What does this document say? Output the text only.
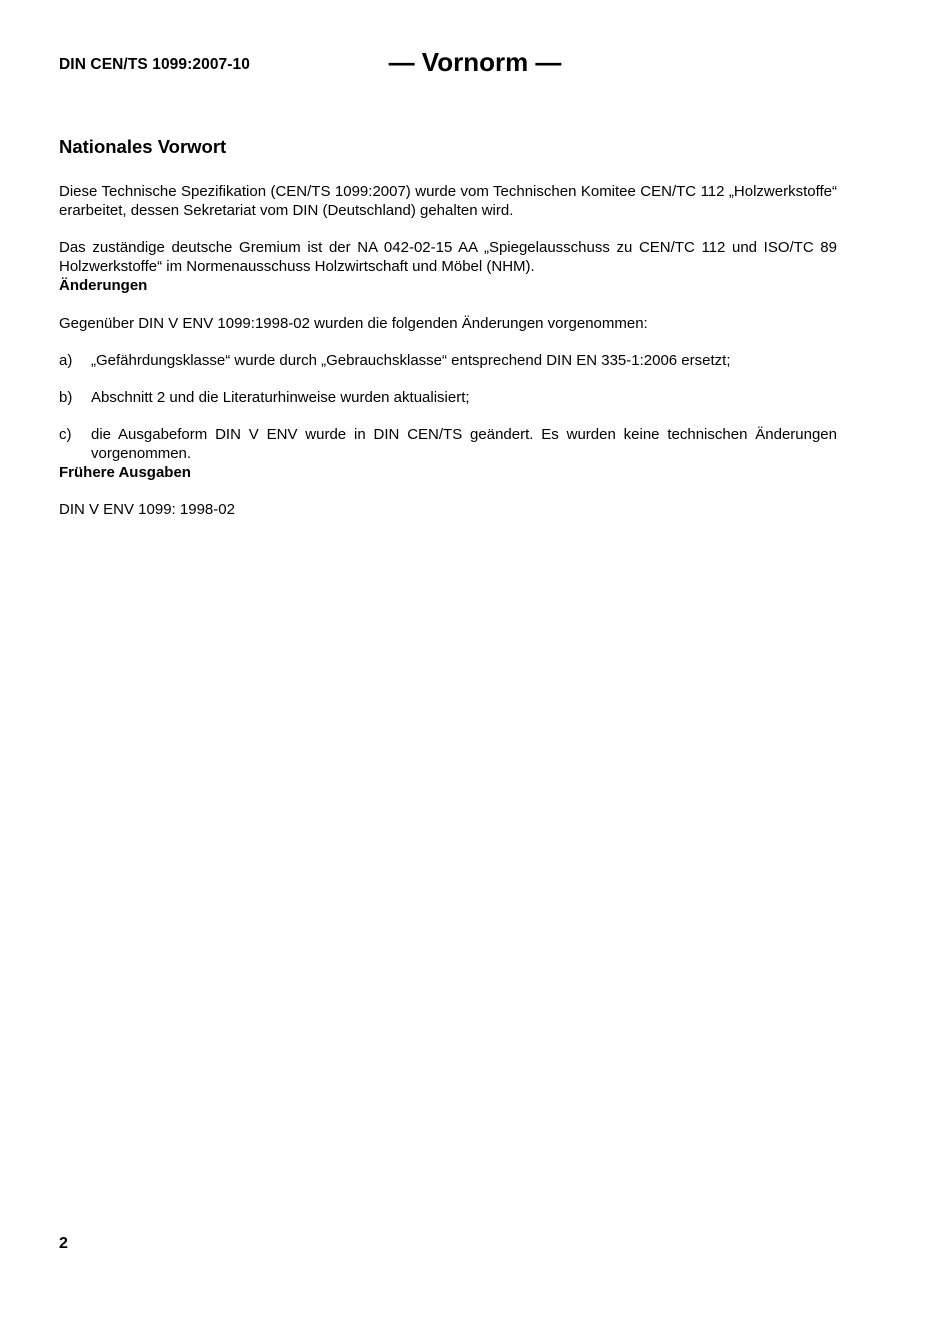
DIN CEN/TS 1099:2007-10	— Vornorm —
Nationales Vorwort

Diese Technische Spezifikation (CEN/TS 1099:2007) wurde vom Technischen Komitee CEN/TC 112 „Holzwerkstoffe“ erarbeitet, dessen Sekretariat vom DIN (Deutschland) gehalten wird.

Das zuständige deutsche Gremium ist der NA 042-02-15 AA „Spiegelausschuss zu CEN/TC 112 und ISO/TC 89 Holzwerkstoffe“ im Normenausschuss Holzwirtschaft und Möbel (NHM).

Änderungen

Gegenüber DIN V ENV 1099:1998-02 wurden die folgenden Änderungen vorgenommen:

a) „Gefährdungsklasse“ wurde durch „Gebrauchsklasse“ entsprechend DIN EN 335-1:2006 ersetzt;
b) Abschnitt 2 und die Literaturhinweise wurden aktualisiert;
c) die Ausgabeform DIN V ENV wurde in DIN CEN/TS geändert. Es wurden keine technischen Änderungen vorgenommen.
Frühere Ausgaben

DIN V ENV 1099: 1998-02

2
